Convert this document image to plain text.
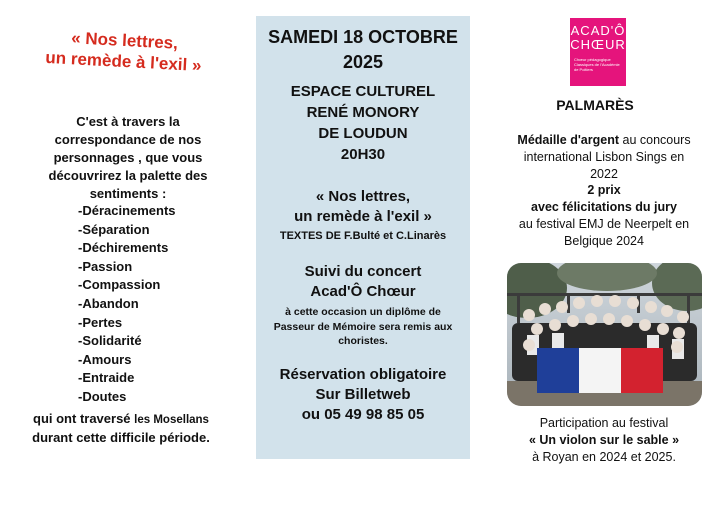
« Nos lettres,
un remède à l'exil »
C'est à travers la correspondance de nos personnages , que vous découvrirez la palette des sentiments :
-Déracinements
-Séparation
-Déchirements
-Passion
-Compassion
-Abandon
-Pertes
-Solidarité
-Amours
-Entraide
-Doutes
qui ont traversé les Mosellans
durant cette difficile période.
SAMEDI 18 OCTOBRE
2025
ESPACE CULTUREL
RENÉ MONORY
DE LOUDUN
20H30
« Nos lettres,
un remède à l'exil »
TEXTES DE F.Bulté et C.Linarès
Suivi du concert
Acad'Ô Chœur
à cette occasion un diplôme de Passeur de Mémoire sera remis aux choristes.
Réservation obligatoire
Sur Billetweb
ou 05 49 98 85 05
ACAD'Ô
CHŒUR
Chœur pédagogique Classiques de l'Académie de Poitiers
PALMARÈS
Médaille d'argent au concours international Lisbon Sings en 2022
2 prix
avec félicitations du jury
au festival EMJ de Neerpelt en Belgique 2024
Participation au festival
« Un violon sur le sable »
à Royan en 2024 et 2025.
